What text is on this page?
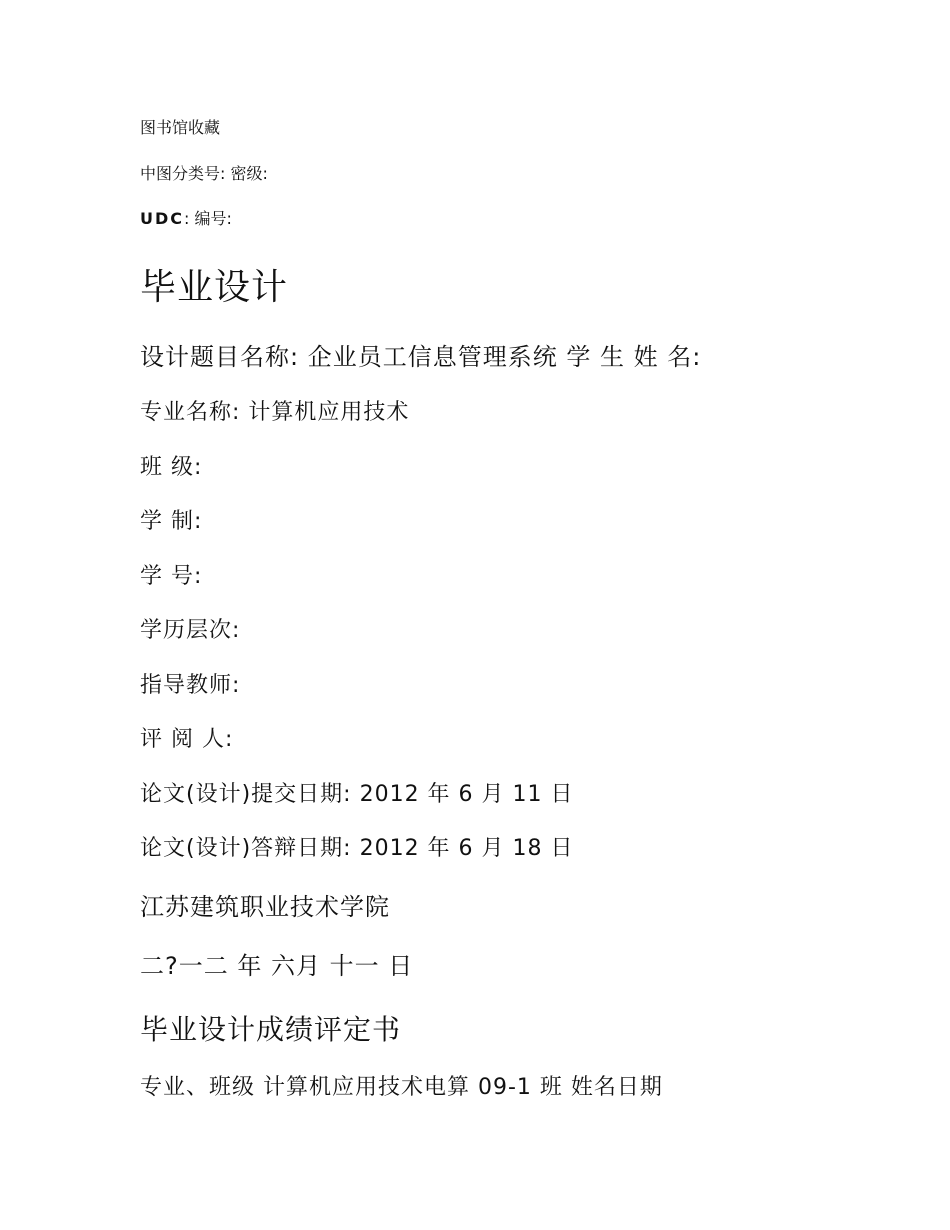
图书馆收藏
中图分类号: 密级:
UDC: 编号:
毕业设计
设计题目名称: 企业员工信息管理系统 学 生 姓 名:
专业名称: 计算机应用技术
班 级:
学 制:
学 号:
学历层次:
指导教师:
评 阅 人:
论文(设计)提交日期: 2012 年 6 月 11 日
论文(设计)答辩日期: 2012 年 6 月 18 日
江苏建筑职业技术学院
二?一二 年 六月 十一 日
毕业设计成绩评定书
专业、班级 计算机应用技术电算 09-1 班 姓名日期
